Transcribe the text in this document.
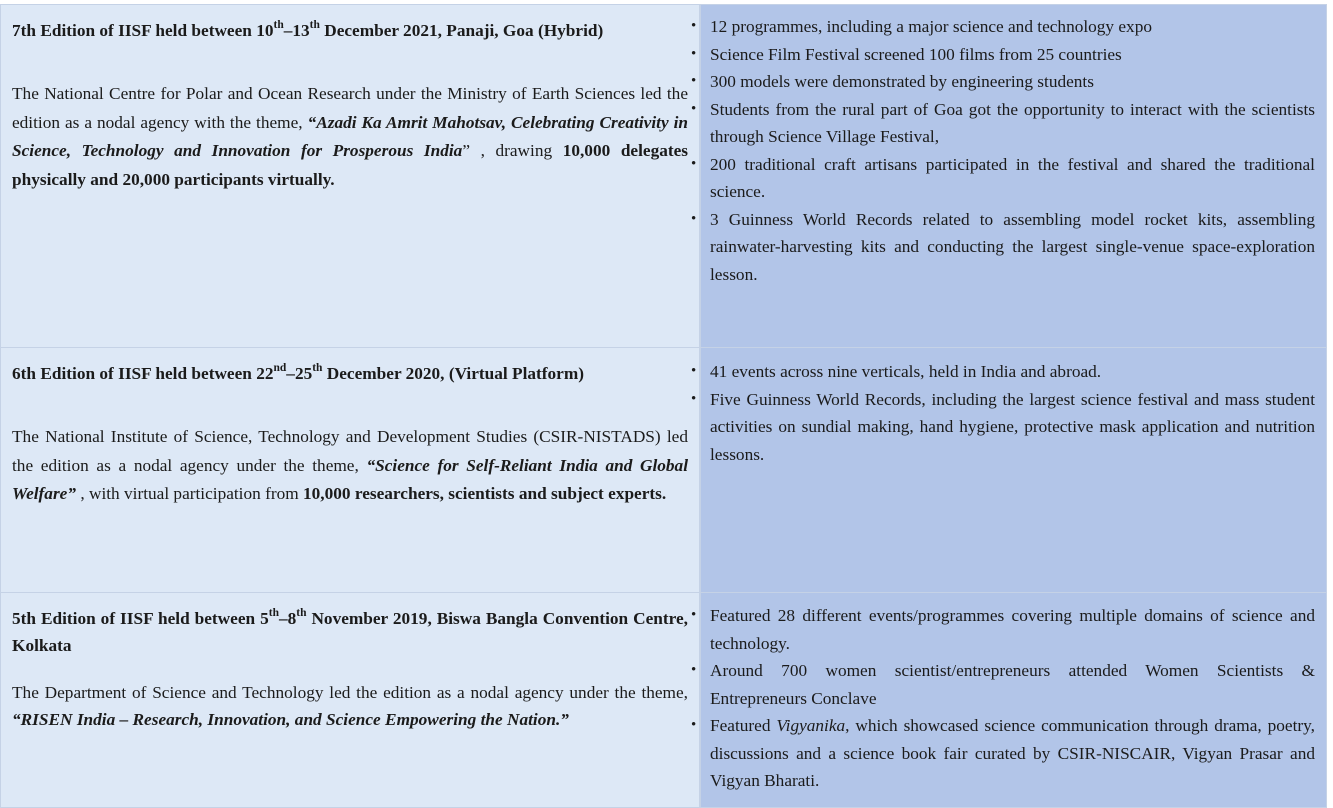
7th Edition of IISF held between 10th–13th December 2021, Panaji, Goa (Hybrid)
The National Centre for Polar and Ocean Research under the Ministry of Earth Sciences led the edition as a nodal agency with the theme, “Azadi Ka Amrit Mahotsav, Celebrating Creativity in Science, Technology and Innovation for Prosperous India” , drawing 10,000 delegates physically and 20,000 participants virtually.
• 12 programmes, including a major science and technology expo
• Science Film Festival screened 100 films from 25 countries
• 300 models were demonstrated by engineering students
• Students from the rural part of Goa got the opportunity to interact with the scientists through Science Village Festival,
• 200 traditional craft artisans participated in the festival and shared the traditional science.
• 3 Guinness World Records related to assembling model rocket kits, assembling rainwater-harvesting kits and conducting the largest single-venue space-exploration lesson.
6th Edition of IISF held between 22nd–25th December 2020, (Virtual Platform)
The National Institute of Science, Technology and Development Studies (CSIR-NISTADS) led the edition as a nodal agency under the theme, “Science for Self-Reliant India and Global Welfare” , with virtual participation from 10,000 researchers, scientists and subject experts.
• 41 events across nine verticals, held in India and abroad.
• Five Guinness World Records, including the largest science festival and mass student activities on sundial making, hand hygiene, protective mask application and nutrition lessons.
5th Edition of IISF held between 5th–8th November 2019, Biswa Bangla Convention Centre, Kolkata
The Department of Science and Technology led the edition as a nodal agency under the theme, “RISEN India – Research, Innovation, and Science Empowering the Nation.”
• Featured 28 different events/programmes covering multiple domains of science and technology.
• Around 700 women scientist/entrepreneurs attended Women Scientists & Entrepreneurs Conclave
• Featured Vigyanika, which showcased science communication through drama, poetry, discussions and a science book fair curated by CSIR-NISCAIR, Vigyan Prasar and Vigyan Bharati.
